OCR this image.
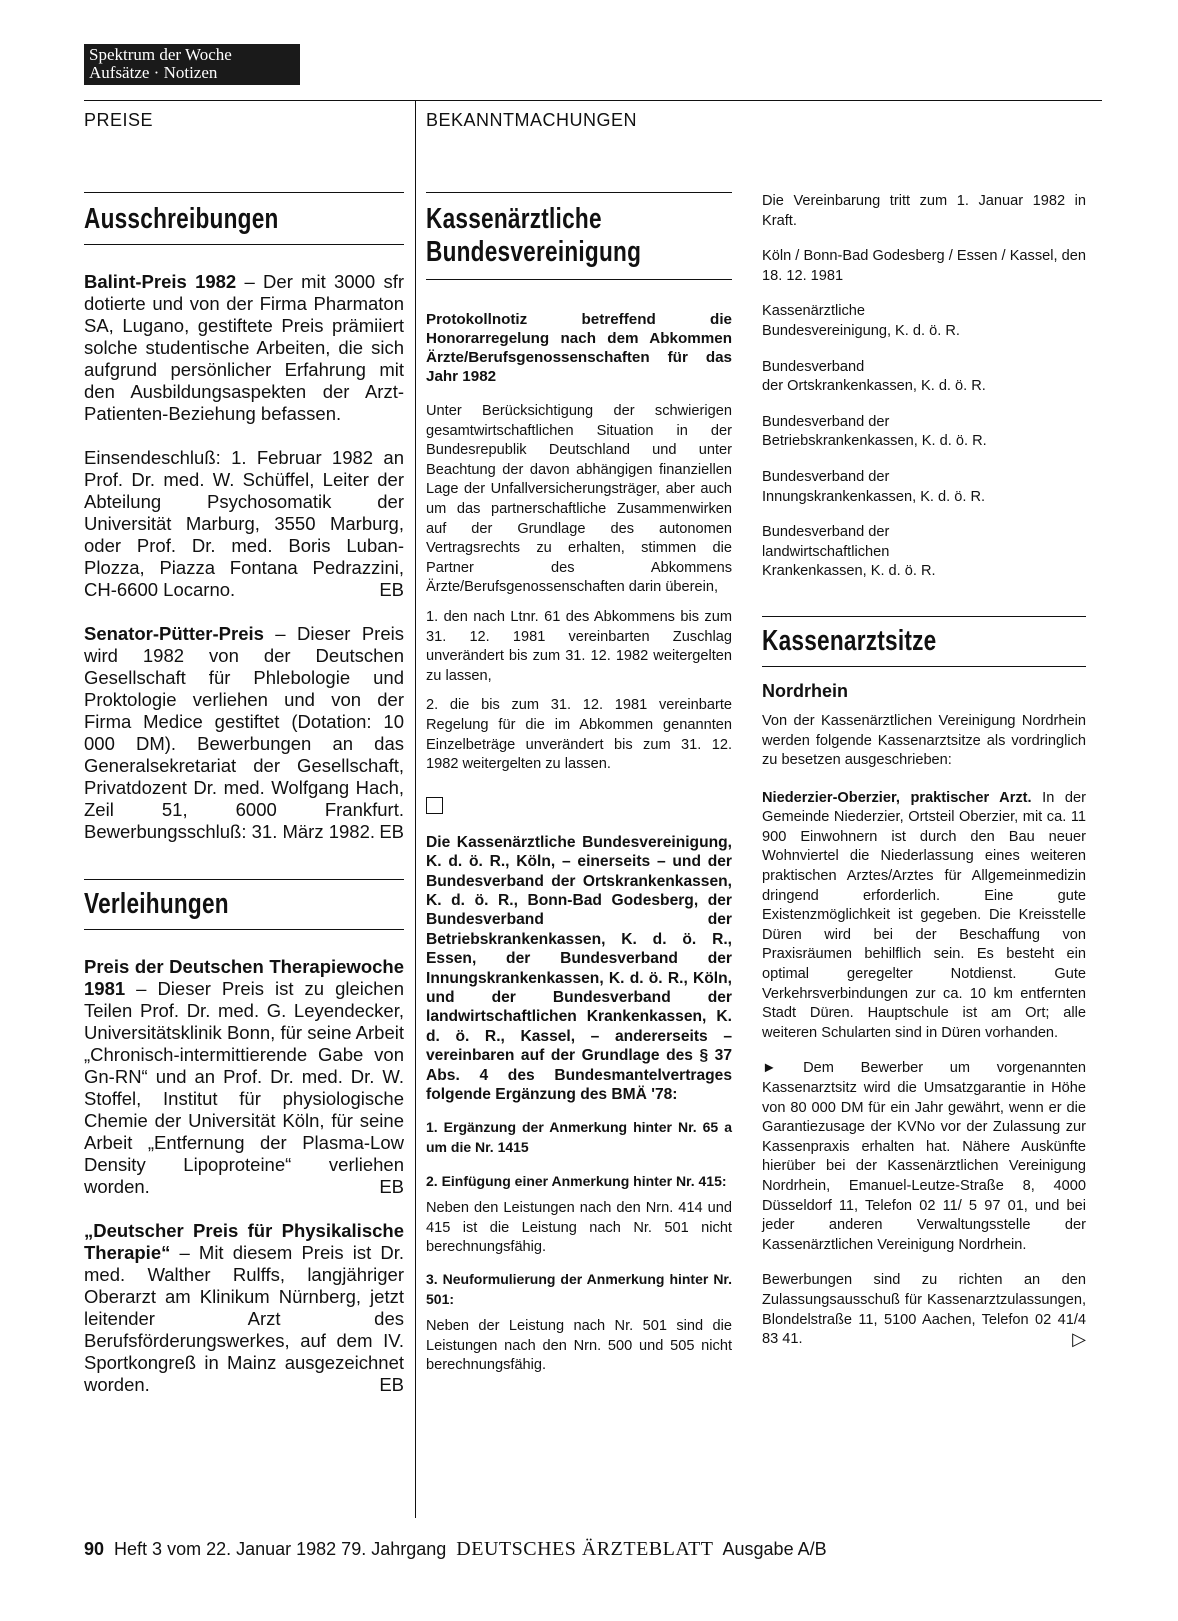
Spektrum der Woche
Aufsätze · Notizen
PREISE	BEKANNTMACHUNGEN
Ausschreibungen

Balint-Preis 1982 – Der mit 3000 sfr dotierte und von der Firma Pharmaton SA, Lugano, gestiftete Preis prämiiert solche studentische Arbeiten, die sich aufgrund persönlicher Erfahrung mit den Ausbildungsaspekten der Arzt-Patienten-Beziehung befassen.

Einsendeschluß: 1. Februar 1982 an Prof. Dr. med. W. Schüffel, Leiter der Abteilung Psychosomatik der Universität Marburg, 3550 Marburg, oder Prof. Dr. med. Boris Luban-Plozza, Piazza Fontana Pedrazzini, CH-6600 Locarno.	EB

Senator-Pütter-Preis – Dieser Preis wird 1982 von der Deutschen Gesellschaft für Phlebologie und Proktologie verliehen und von der Firma Medice gestiftet (Dotation: 10 000 DM). Bewerbungen an das Generalsekretariat der Gesellschaft, Privatdozent Dr. med. Wolfgang Hach, Zeil 51, 6000 Frankfurt. Bewerbungsschluß: 31. März 1982. EB

Verleihungen

Preis der Deutschen Therapiewoche 1981 – Dieser Preis ist zu gleichen Teilen Prof. Dr. med. G. Leyendecker, Universitätsklinik Bonn, für seine Arbeit „Chronisch-intermittierende Gabe von Gn-RN“ und an Prof. Dr. med. Dr. W. Stoffel, Institut für physiologische Chemie der Universität Köln, für seine Arbeit „Entfernung der Plasma-Low Density Lipoproteine“ verliehen worden.	EB

„Deutscher Preis für Physikalische Therapie“ – Mit diesem Preis ist Dr. med. Walther Rulffs, langjähriger Oberarzt am Klinikum Nürnberg, jetzt leitender Arzt des Berufsförderungswerkes, auf dem IV. Sportkongreß in Mainz ausgezeichnet worden.	EB

Kassenärztliche
Bundesvereinigung

Protokollnotiz betreffend die Honorarregelung nach dem Abkommen Ärzte/Berufsgenossenschaften für das Jahr 1982

Unter Berücksichtigung der schwierigen gesamtwirtschaftlichen Situation in der Bundesrepublik Deutschland und unter Beachtung der davon abhängigen finanziellen Lage der Unfallversicherungsträger, aber auch um das partnerschaftliche Zusammenwirken auf der Grundlage des autonomen Vertragsrechts zu erhalten, stimmen die Partner des Abkommens Ärzte/Berufsgenossenschaften darin überein,

1. den nach Ltnr. 61 des Abkommens bis zum 31. 12. 1981 vereinbarten Zuschlag unverändert bis zum 31. 12. 1982 weitergelten zu lassen,

2. die bis zum 31. 12. 1981 vereinbarte Regelung für die im Abkommen genannten Einzelbeträge unverändert bis zum 31. 12. 1982 weitergelten zu lassen.

Die Kassenärztliche Bundesvereinigung, K. d. ö. R., Köln, – einerseits – und der Bundesverband der Ortskrankenkassen, K. d. ö. R., Bonn-Bad Godesberg, der Bundesverband der Betriebskrankenkassen, K. d. ö. R., Essen, der Bundesverband der Innungskrankenkassen, K. d. ö. R., Köln, und der Bundesverband der landwirtschaftlichen Krankenkassen, K. d. ö. R., Kassel, – andererseits – vereinbaren auf der Grundlage des § 37 Abs. 4 des Bundesmantelvertrages folgende Ergänzung des BMÄ '78:

1. Ergänzung der Anmerkung hinter Nr. 65 a um die Nr. 1415

2. Einfügung einer Anmerkung hinter Nr. 415:

Neben den Leistungen nach den Nrn. 414 und 415 ist die Leistung nach Nr. 501 nicht berechnungsfähig.

3. Neuformulierung der Anmerkung hinter Nr. 501:

Neben der Leistung nach Nr. 501 sind die Leistungen nach den Nrn. 500 und 505 nicht berechnungsfähig.

Die Vereinbarung tritt zum 1. Januar 1982 in Kraft.

Köln / Bonn-Bad Godesberg / Essen / Kassel, den 18. 12. 1981

Kassenärztliche
Bundesvereinigung, K. d. ö. R.

Bundesverband
der Ortskrankenkassen, K. d. ö. R.

Bundesverband der
Betriebskrankenkassen, K. d. ö. R.

Bundesverband der
Innungskrankenkassen, K. d. ö. R.

Bundesverband der
landwirtschaftlichen
Krankenkassen, K. d. ö. R.

Kassenarztsitze
Nordrhein

Von der Kassenärztlichen Vereinigung Nordrhein werden folgende Kassenarztsitze als vordringlich zu besetzen ausgeschrieben:

Niederzier-Oberzier, praktischer Arzt. In der Gemeinde Niederzier, Ortsteil Oberzier, mit ca. 11 900 Einwohnern ist durch den Bau neuer Wohnviertel die Niederlassung eines weiteren praktischen Arztes/Arztes für Allgemeinmedizin dringend erforderlich. Eine gute Existenzmöglichkeit ist gegeben. Die Kreisstelle Düren wird bei der Beschaffung von Praxisräumen behilflich sein. Es besteht ein optimal geregelter Notdienst. Gute Verkehrsverbindungen zur ca. 10 km entfernten Stadt Düren. Hauptschule ist am Ort; alle weiteren Schularten sind in Düren vorhanden.

► Dem Bewerber um vorgenannten Kassenarztsitz wird die Umsatzgarantie in Höhe von 80 000 DM für ein Jahr gewährt, wenn er die Garantiezusage der KVNo vor der Zulassung zur Kassenpraxis erhalten hat. Nähere Auskünfte hierüber bei der Kassenärztlichen Vereinigung Nordrhein, Emanuel-Leutze-Straße 8, 4000 Düsseldorf 11, Telefon 02 11/ 5 97 01, und bei jeder anderen Verwaltungsstelle der Kassenärztlichen Vereinigung Nordrhein.

Bewerbungen sind zu richten an den Zulassungsausschuß für Kassenarztzulassungen, Blondelstraße 11, 5100 Aachen, Telefon 02 41/4 83 41.	▷

90 Heft 3 vom 22. Januar 1982 79. Jahrgang DEUTSCHES ÄRZTEBLATT Ausgabe A/B
